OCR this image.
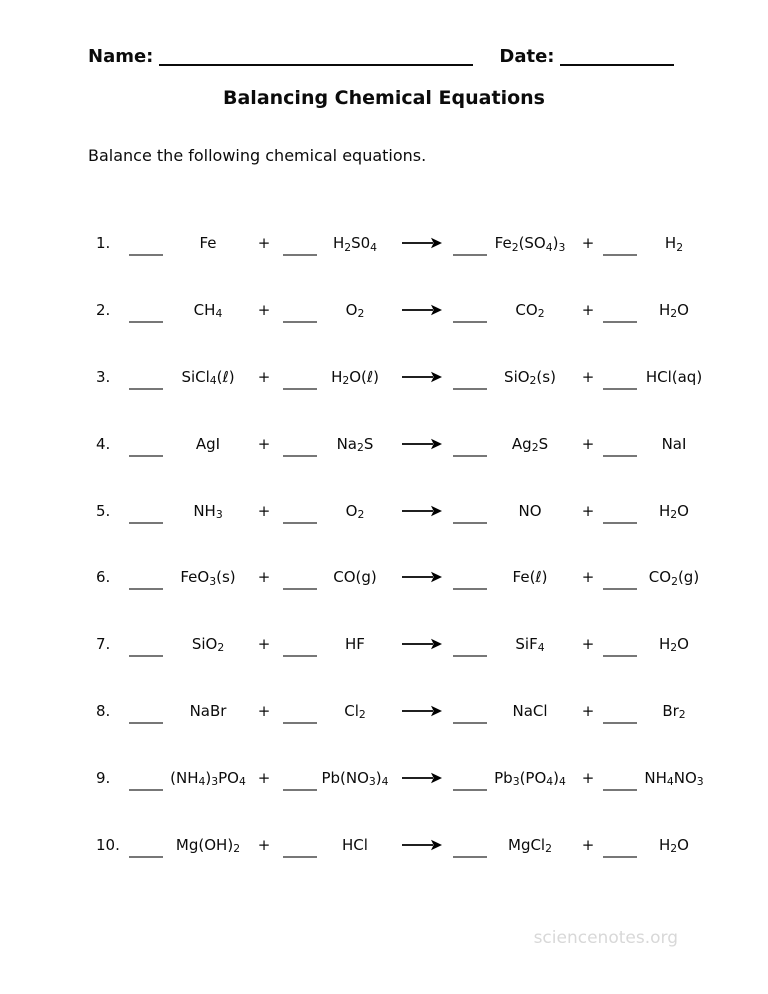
Name:	Date:
Balancing Chemical Equations

Balance the following chemical equations.

1.	Fe	+	$H_2S0_4$	$Fe_2(SO_4)_3$	+	$H_2$
2.	$CH_4$	+	$O_2$	$CO_2$	+	$H_2O$
3.	SiCl$_4$(ℓ)	+	$H_2O(\ell)$	SiO$_2$(s)	+	HCl(aq)
4.	AgI	+	$Na_2S$	$Ag_2S$	+	NaI
5.	$NH_3$	+	$O_2$	NO	+	$H_2O$
6.	FeO$_3$(s)	+	CO(g)	Fe(ℓ)	+	$CO_2(g)$
7.	SiO$_2$	+	HF	SiF$_4$	+	$H_2O$
8.	NaBr	+	$Cl_2$	NaCl	+	$Br_2$
9.	$(NH_4)_3PO_4$ +	$Pb(NO_3)_4$	$Pb_3(PO_4)_4$	+	$NH_4NO_3$
10.	$Mg(OH)_2$	+	HCl	MgCl$_2$	+	$H_2O$
sciencenotes.org
